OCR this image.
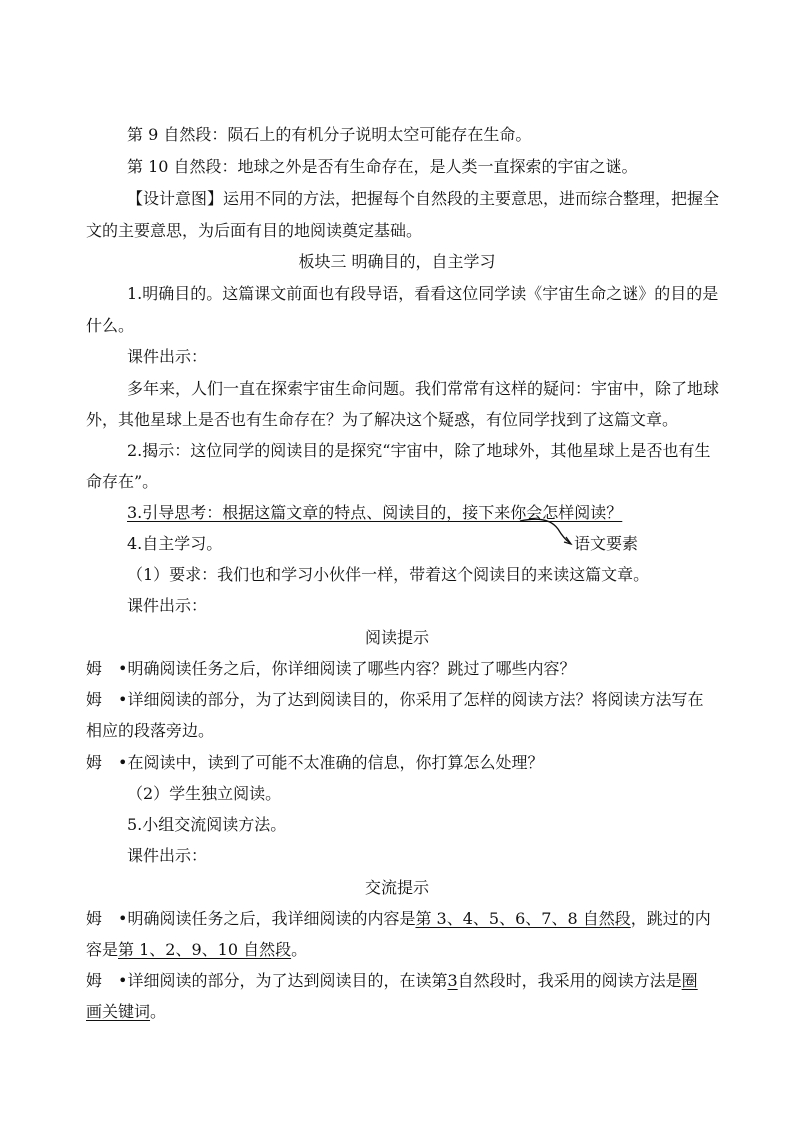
第 9 自然段：陨石上的有机分子说明太空可能存在生命。
第 10 自然段：地球之外是否有生命存在，是人类一直探索的宇宙之谜。
【设计意图】运用不同的方法，把握每个自然段的主要意思，进而综合整理，把握全
文的主要意思，为后面有目的地阅读奠定基础。
板块三 明确目的，自主学习
1.明确目的。这篇课文前面也有段导语，看看这位同学读《宇宙生命之谜》的目的是
什么。
课件出示：
多年来，人们一直在探索宇宙生命问题。我们常常有这样的疑问：宇宙中，除了地球
外，其他星球上是否也有生命存在？为了解决这个疑惑，有位同学找到了这篇文章。
2.揭示：这位同学的阅读目的是探究“宇宙中，除了地球外，其他星球上是否也有生
命存在”。
3.引导思考：根据这篇文章的特点、阅读目的，接下来你会怎样阅读？
4.自主学习。	语文要素
（1）要求：我们也和学习小伙伴一样，带着这个阅读目的来读这篇文章。
课件出示：
阅读提示
姆 •明确阅读任务之后，你详细阅读了哪些内容？跳过了哪些内容？
姆 •详细阅读的部分，为了达到阅读目的，你采用了怎样的阅读方法？将阅读方法写在
相应的段落旁边。
姆 •在阅读中，读到了可能不太准确的信息，你打算怎么处理？
（2）学生独立阅读。
5.小组交流阅读方法。
课件出示：
交流提示
姆 •明确阅读任务之后，我详细阅读的内容是第 3、4、5、6、7、8 自然段，跳过的内
容是第 1、2、9、10 自然段。
姆 •详细阅读的部分，为了达到阅读目的，在读第3自然段时，我采用的阅读方法是圈
画关键词。
